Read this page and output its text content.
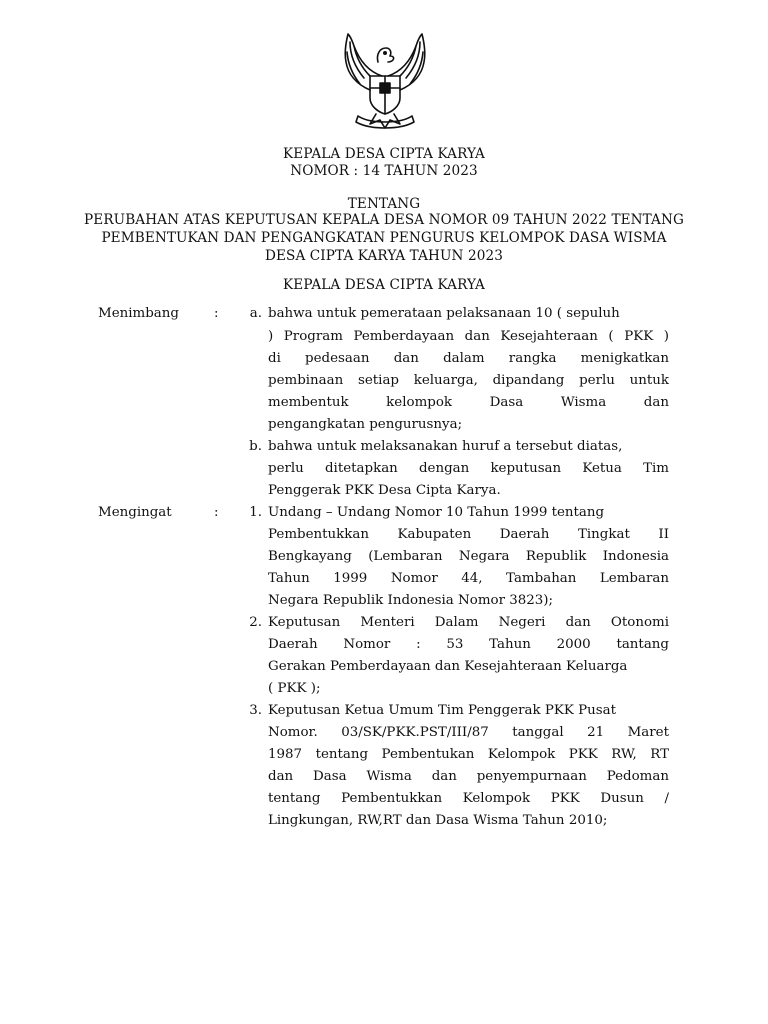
KEPALA DESA CIPTA KARYA
NOMOR : 14 TAHUN 2023
TENTANG
PERUBAHAN ATAS KEPUTUSAN KEPALA DESA NOMOR 09 TAHUN 2022 TENTANG
PEMBENTUKAN DAN PENGANGKATAN PENGURUS KELOMPOK DASA WISMA
DESA CIPTA KARYA TAHUN 2023
KEPALA DESA CIPTA KARYA
Menimbang	:	a. bahwa untuk pemerataan pelaksanaan 10 ( sepuluh
) Program Pemberdayaan dan Kesejahteraan ( PKK )
di pedesaan dan dalam rangka menigkatkan
pembinaan setiap keluarga, dipandang perlu untuk
membentuk kelompok Dasa Wisma dan
pengangkatan pengurusnya;
b. bahwa untuk melaksanakan huruf a tersebut diatas,
perlu ditetapkan dengan keputusan Ketua Tim
Penggerak PKK Desa Cipta Karya.
Mengingat	:	1. Undang – Undang Nomor 10 Tahun 1999 tentang
Pembentukkan Kabupaten Daerah Tingkat II
Bengkayang (Lembaran Negara Republik Indonesia
Tahun 1999 Nomor 44, Tambahan Lembaran
Negara Republik Indonesia Nomor 3823);
2. Keputusan Menteri Dalam Negeri dan Otonomi
Daerah Nomor : 53 Tahun 2000 tantang
Gerakan Pemberdayaan dan Kesejahteraan Keluarga
( PKK );
3. Keputusan Ketua Umum Tim Penggerak PKK Pusat
Nomor. 03/SK/PKK.PST/III/87 tanggal 21 Maret
1987 tentang Pembentukan Kelompok PKK RW, RT
dan Dasa Wisma dan penyempurnaan Pedoman
tentang Pembentukkan Kelompok PKK Dusun /
Lingkungan, RW,RT dan Dasa Wisma Tahun 2010;
